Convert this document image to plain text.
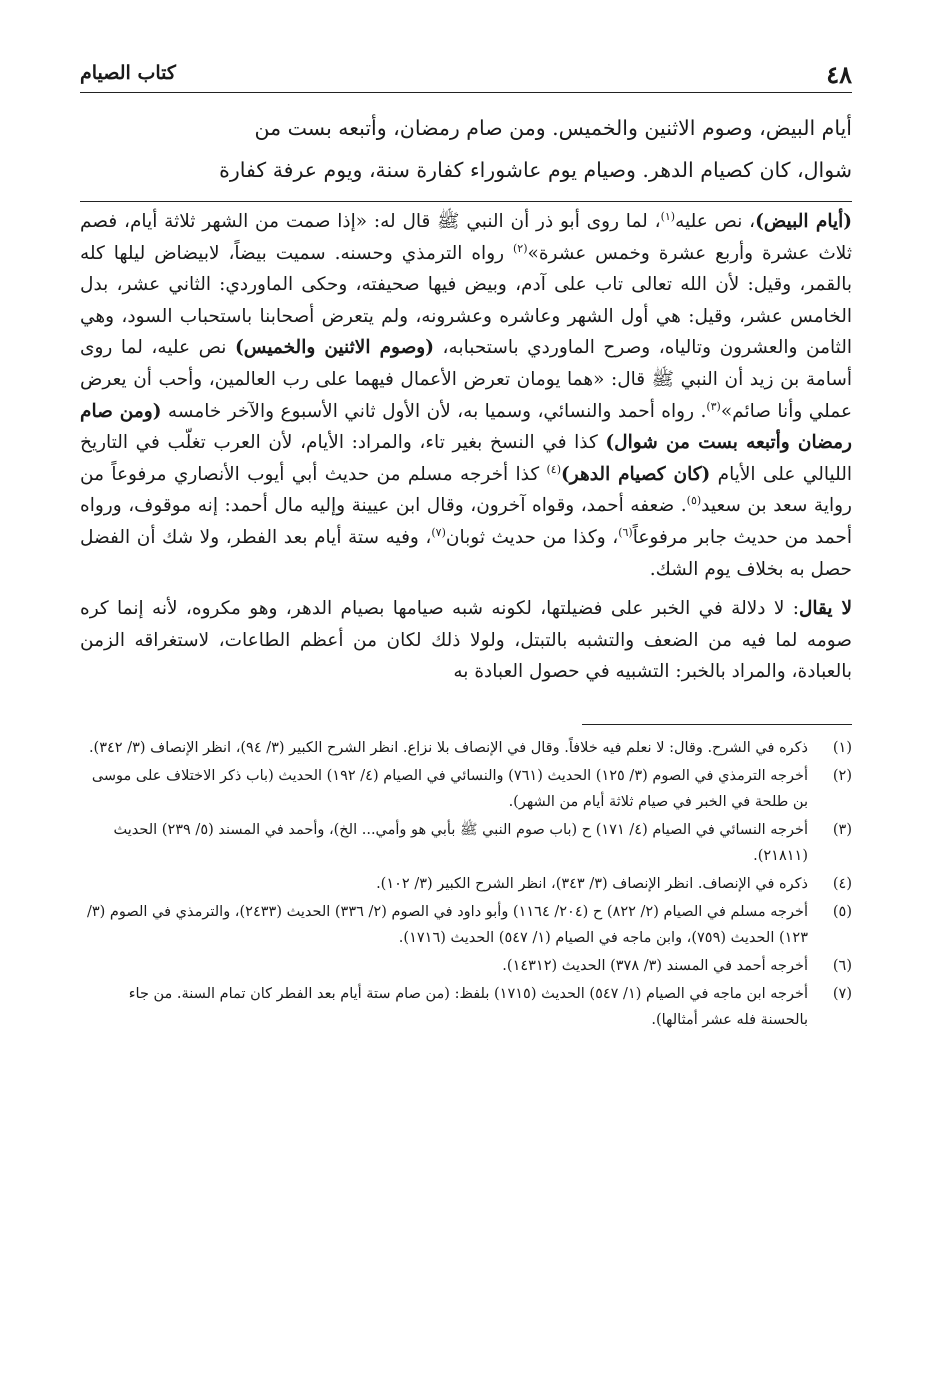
٤٨
كتاب الصيام

أيام البيض، وصوم الاثنين والخميس. ومن صام رمضان، وأتبعه بست من

شوال، كان كصيام الدهر. وصيام يوم عاشوراء كفارة سنة، ويوم عرفة كفارة

(أيام البيض)، نص عليه$^{(١)}$، لما روى أبو ذر أن النبي ﷺ قال له: «إذا صمت من الشهر ثلاثة أيام، فصم ثلاث عشرة وأربع عشرة وخمس عشرة»$^{(٢)}$ رواه الترمذي وحسنه. سميت بيضاً، لابيضاض ليلها كله بالقمر، وقيل: لأن الله تعالى تاب على آدم، وبيض فيها صحيفته، وحكى الماوردي: الثاني عشر، بدل الخامس عشر، وقيل: هي أول الشهر وعاشره وعشرونه، ولم يتعرض أصحابنا باستحباب السود، وهي الثامن والعشرون وتالياه، وصرح الماوردي باستحبابه، (وصوم الاثنين والخميس) نص عليه، لما روى أسامة بن زيد أن النبي ﷺ قال: «هما يومان تعرض الأعمال فيهما على رب العالمين، وأحب أن يعرض عملي وأنا صائم»$^{(٣)}$. رواه أحمد والنسائي، وسميا به، لأن الأول ثاني الأسبوع والآخر خامسه (ومن صام رمضان وأتبعه بست من شوال) كذا في النسخ بغير تاء، والمراد: الأيام، لأن العرب تغلّب في التاريخ الليالي على الأيام (كان كصيام الدهر)$^{(٤)}$ كذا أخرجه مسلم من حديث أبي أيوب الأنصاري مرفوعاً من رواية سعد بن سعيد$^{(٥)}$. ضعفه أحمد، وقواه آخرون، وقال ابن عيينة وإليه مال أحمد: إنه موقوف، ورواه أحمد من حديث جابر مرفوعاً$^{(٦)}$، وكذا من حديث ثوبان$^{(٧)}$، وفيه ستة أيام بعد الفطر، ولا شك أن الفضل حصل به بخلاف يوم الشك.

لا يقال: لا دلالة في الخبر على فضيلتها، لكونه شبه صيامها بصيام الدهر، وهو مكروه، لأنه إنما كره صومه لما فيه من الضعف والتشبه بالتبتل، ولولا ذلك لكان من أعظم الطاعات، لاستغراقه الزمن بالعبادة، والمراد بالخبر: التشبيه في حصول العبادة به

(١)
ذكره في الشرح. وقال: لا نعلم فيه خلافاً. وقال في الإنصاف بلا نزاع. انظر الشرح الكبير (٣/ ٩٤)، انظر الإنصاف (٣/ ٣٤٢).
(٢)
أخرجه الترمذي في الصوم (٣/ ١٢٥) الحديث (٧٦١) والنسائي في الصيام (٤/ ١٩٢) الحديث (باب ذكر الاختلاف على موسى بن طلحة في الخبر في صيام ثلاثة أيام من الشهر).
(٣)
أخرجه النسائي في الصيام (٤/ ١٧١) ح (باب صوم النبي ﷺ بأبي هو وأمي... الخ)، وأحمد في المسند (٥/ ٢٣٩) الحديث (٢١٨١١).
(٤)
ذكره في الإنصاف. انظر الإنصاف (٣/ ٣٤٣)، انظر الشرح الكبير (٣/ ١٠٢).
(٥)
أخرجه مسلم في الصيام (٢/ ٨٢٢) ح (٢٠٤/ ١١٦٤) وأبو داود في الصوم (٢/ ٣٣٦) الحديث (٢٤٣٣)، والترمذي في الصوم (٣/ ١٢٣) الحديث (٧٥٩)، وابن ماجه في الصيام (١/ ٥٤٧) الحديث (١٧١٦).
(٦)
أخرجه أحمد في المسند (٣/ ٣٧٨) الحديث (١٤٣١٢).
(٧)
أخرجه ابن ماجه في الصيام (١/ ٥٤٧) الحديث (١٧١٥) بلفظ: (من صام ستة أيام بعد الفطر كان تمام السنة. من جاء بالحسنة فله عشر أمثالها).
